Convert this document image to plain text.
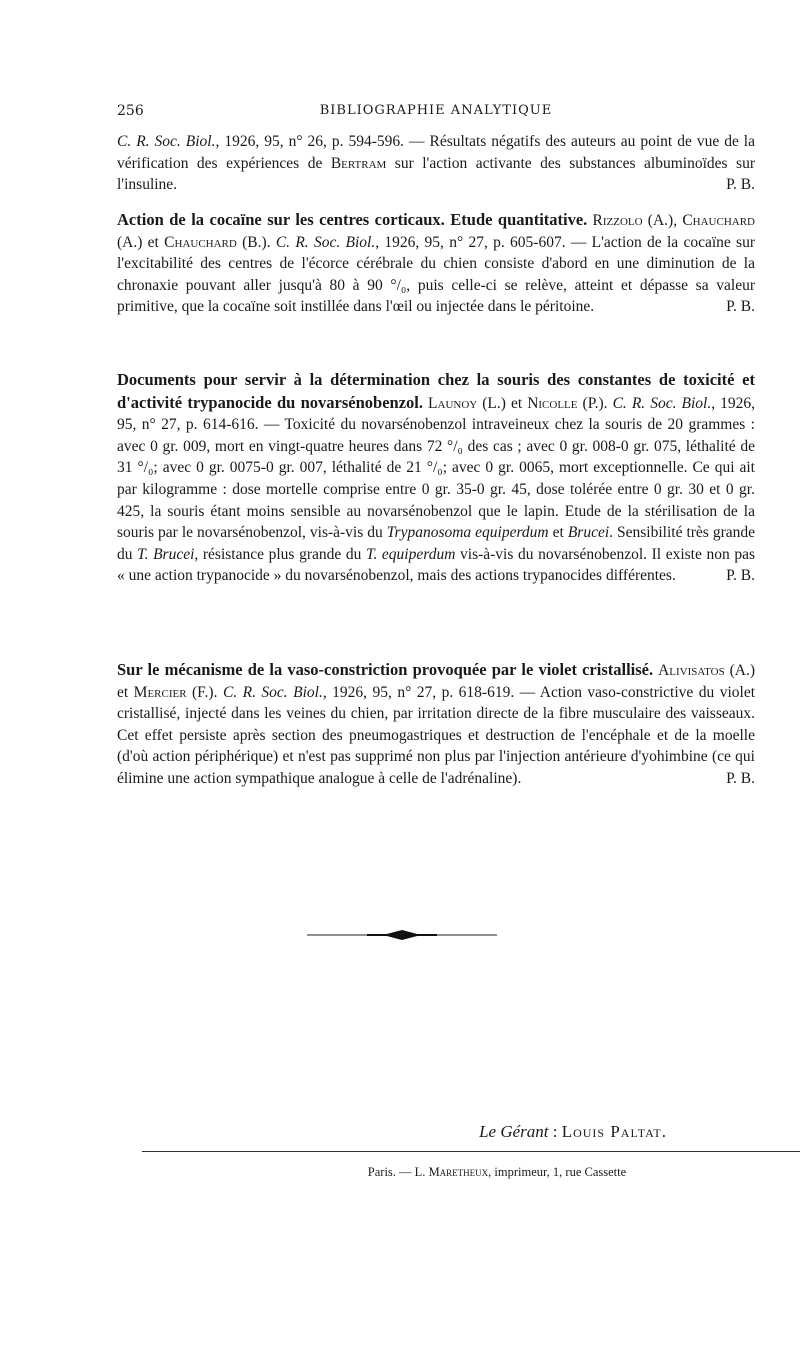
256	BIBLIOGRAPHIE ANALYTIQUE
C. R. Soc. Biol., 1926, 95, n° 26, p. 594-596. — Résultats négatifs des auteurs au point de vue de la vérification des expériences de Bertram sur l'action activante des substances albuminoïdes sur l'insuline.	P. B.
Action de la cocaïne sur les centres corticaux. Etude quantitative. Rizzolo (A.), Chauchard (A.) et Chauchard (B.). C. R. Soc. Biol., 1926, 95, n° 27, p. 605-607. — L'action de la cocaïne sur l'excitabilité des centres de l'écorce cérébrale du chien consiste d'abord en une diminution de la chronaxie pouvant aller jusqu'à 80 à 90 °/₀, puis celle-ci se relève, atteint et dépasse sa valeur primitive, que la cocaïne soit instillée dans l'œil ou injectée dans le péritoine.	P. B.
Documents pour servir à la détermination chez la souris des constantes de toxicité et d'activité trypanocide du novarsénobenzol. Launoy (L.) et Nicolle (P.). C. R. Soc. Biol., 1926, 95, n° 27, p. 614-616. — Toxicité du novarsénobenzol intraveineux chez la souris de 20 grammes : avec 0 gr. 009, mort en vingt-quatre heures dans 72 °/₀ des cas ; avec 0 gr. 008-0 gr. 075, léthalité de 31 °/₀; avec 0 gr. 0075-0 gr. 007, léthalité de 21 °/₀; avec 0 gr. 0065, mort exceptionnelle. Ce qui ait par kilogramme : dose mortelle comprise entre 0 gr. 35-0 gr. 45, dose tolérée entre 0 gr. 30 et 0 gr. 425, la souris étant moins sensible au novarsénobenzol que le lapin. Etude de la stérilisation de la souris par le novarsénobenzol, vis-à-vis du Trypanosoma equiperdum et Brucei. Sensibilité très grande du T. Brucei, résistance plus grande du T. equiperdum vis-à-vis du novarsénobenzol. Il existe non pas « une action trypanocide » du novarsénobenzol, mais des actions trypanocides différentes.	P. B.
Sur le mécanisme de la vaso-constriction provoquée par le violet cristallisé. Alivisatos (A.) et Mercier (F.). C. R. Soc. Biol., 1926, 95, n° 27, p. 618-619. — Action vaso-constrictive du violet cristallisé, injecté dans les veines du chien, par irritation directe de la fibre musculaire des vaisseaux. Cet effet persiste après section des pneumogastriques et destruction de l'encéphale et de la moelle (d'où action périphérique) et n'est pas supprimé non plus par l'injection antérieure d'yohimbine (ce qui élimine une action sympathique analogue à celle de l'adrénaline).	P. B.
Le Gérant : Louis Paltat.
Paris. — L. Maretheux, imprimeur, 1, rue Cassette
